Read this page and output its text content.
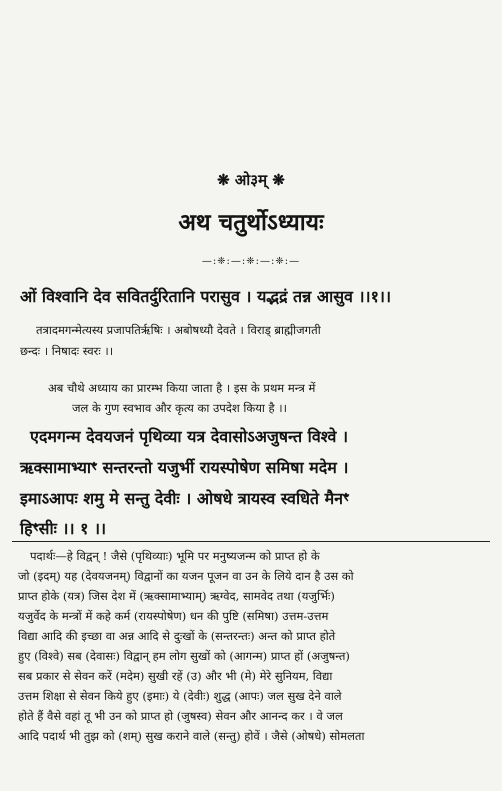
❋ ओ३म् ❋
अथ चतुर्थोऽध्यायः
—:❈:—:❈:—:❈:—
ओं विश्वानि देव सवितर्दुरितानि परासुव । यद्भद्रं तन्न आसुव ।।१।।
तत्रादमगन्मेत्यस्य प्रजापतिर्ऋषिः । अबोषध्यौ देवते । विराड् ब्राह्मीजगती
छन्दः । निषादः स्वरः ।।
अब चौथे अध्याय का प्रारम्भ किया जाता है । इस के प्रथम मन्त्र में
जल के गुण स्वभाव और कृत्य का उपदेश किया है ।।
एदमगन्म देवयजनं पृथिव्या यत्र देवासोऽअजुषन्त विश्वे ।
ऋक्सामाभ्याꣳ सन्तरन्तो यजुर्भी रायस्पोषेण समिषा मदेम ।
इमाऽआपः शमु मे सन्तु देवीः । ओषधे त्रायस्व स्वधिते मैनꣳ
हिꣳसीः ।। १ ।।
पदार्थः—हे विद्वन् ! जैसे (पृथिव्याः) भूमि पर मनुष्यजन्म को प्राप्त हो के
जो (इदम्) यह (देवयजनम्) विद्वानों का यजन पूजन वा उन के लिये दान है उस को
प्राप्त होके (यत्र) जिस देश में (ऋक्सामाभ्याम्) ऋग्वेद, सामवेद तथा (यजुर्भिः)
यजुर्वेद के मन्त्रों में कहे कर्म (रायस्पोषेण) धन की पुष्टि (समिषा) उत्तम-उत्तम
विद्या आदि की इच्छा वा अन्न आदि से दुःखों के (सन्तरन्तः) अन्त को प्राप्त होते
हुए (विश्वे) सब (देवासः) विद्वान् हम लोग सुखों को (आगन्म) प्राप्त हों (अजुषन्त)
सब प्रकार से सेवन करें (मदेम) सुखी रहें (उ) और भी (मे) मेरे सुनियम, विद्या
उत्तम शिक्षा से सेवन किये हुए (इमाः) ये (देवीः) शुद्ध (आपः) जल सुख देने वाले
होते हैं वैसे वहां तू भी उन को प्राप्त हो (जुषस्व) सेवन और आनन्द कर । वे जल
आदि पदार्थ भी तुझ को (शम्) सुख कराने वाले (सन्तु) होवें । जैसे (ओषधे) सोमलता
